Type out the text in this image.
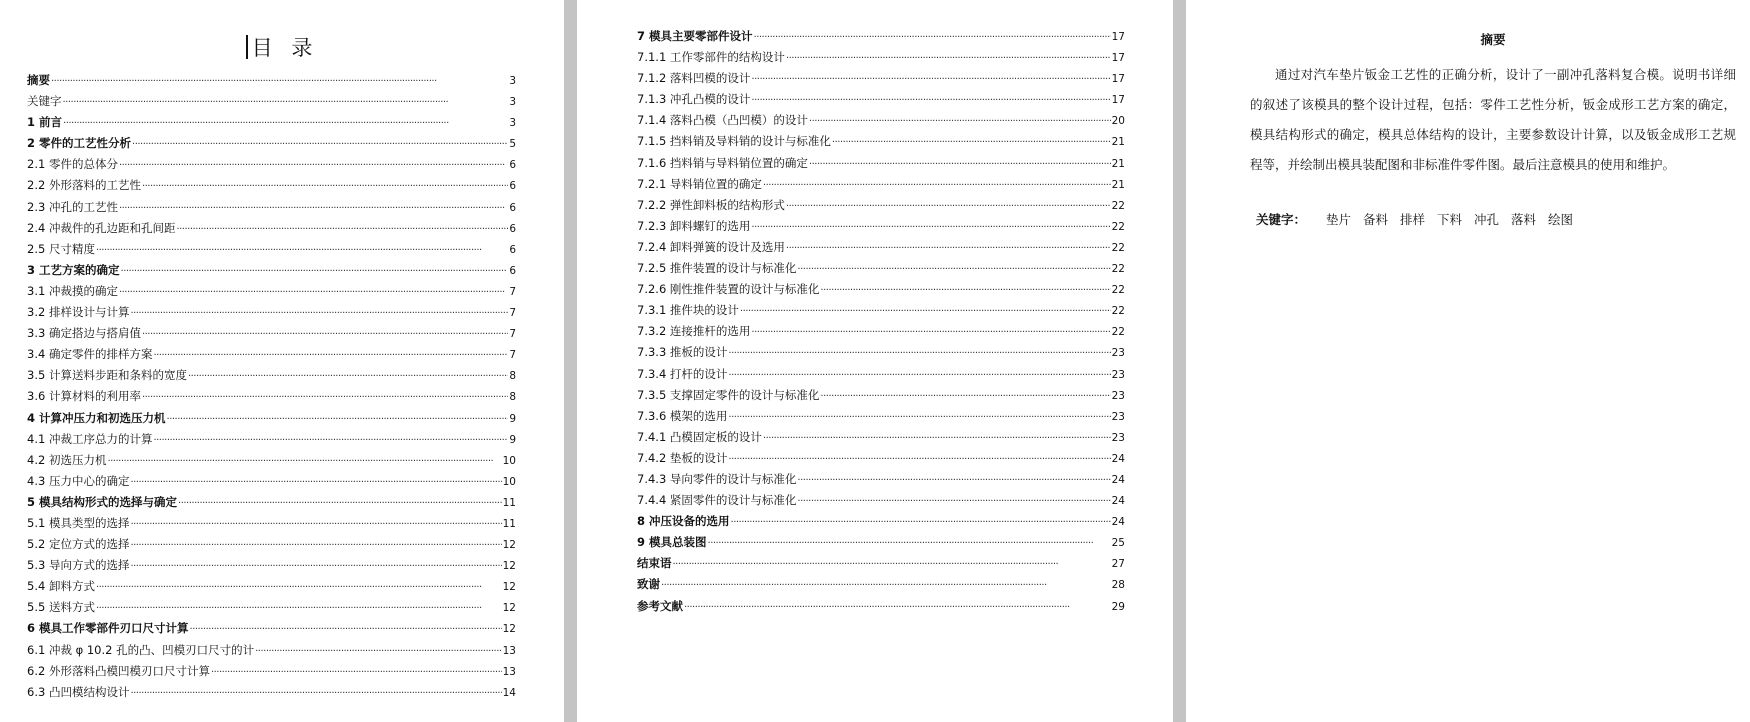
目 录
摘要 ·····	3
关键字 ·····	3
1 前言 ·····	3
2 零件的工艺性分析 ·····	5
2.1 零件的总体分 ·····	6
2.2 外形落料的工艺性 ·····	6
2.3 冲孔的工艺性 ·····	6
2.4 冲裁件的孔边距和孔间距 ·····	6
2.5 尺寸精度 ·····	6
3 工艺方案的确定 ·····	6
3.1 冲裁摸的确定 ·····	7
3.2 排样设计与计算 ·····	7
3.3 确定搭边与搭肩值 ·····	7
3.4 确定零件的排样方案 ·····	7
3.5 计算送料步距和条料的宽度 ·····	8
3.6 计算材料的利用率 ·····	8
4 计算冲压力和初选压力机 ·····	9
4.1 冲裁工序总力的计算 ·····	9
4.2 初选压力机 ·····	10
4.3 压力中心的确定 ·····	10
5 模具结构形式的选择与确定 ·····	11
5.1 模具类型的选择 ·····	11
5.2 定位方式的选择 ·····	12
5.3 导向方式的选择 ·····	12
5.4 卸料方式 ·····	12
5.5 送料方式 ·····	12
6 模具工作零部件刃口尺寸计算 ·····	12
6.1 冲裁 φ 10.2 孔的凸、凹模刃口尺寸的计 ·····	13
6.2 外形落料凸模凹模刃口尺寸计算 ·····	13
6.3 凸凹模结构设计 ·····	14
7 模具主要零部件设计 ·····	17
7.1.1 工作零部件的结构设计 ·····	17
7.1.2 落料凹模的设计 ·····	17
7.1.3 冲孔凸模的设计 ·····	17
7.1.4 落料凸模（凸凹模）的设计 ·····	20
7.1.5 挡料销及导料销的设计与标准化 ·····	21
7.1.6 挡料销与导料销位置的确定 ·····	21
7.2.1 导料销位置的确定 ·····	21
7.2.2 弹性卸料板的结构形式 ·····	22
7.2.3 卸料螺钉的选用 ·····	22
7.2.4 卸料弹簧的设计及选用 ·····	22
7.2.5 推件装置的设计与标准化 ·····	22
7.2.6 刚性推件装置的设计与标准化 ·····	22
7.3.1 推件块的设计 ·····	22
7.3.2 连接推杆的选用 ·····	22
7.3.3 推板的设计 ·····	23
7.3.4 打杆的设计 ·····	23
7.3.5 支撑固定零件的设计与标准化 ·····	23
7.3.6 模架的选用 ·····	23
7.4.1 凸模固定板的设计 ·····	23
7.4.2 垫板的设计 ·····	24
7.4.3 导向零件的设计与标准化 ·····	24
7.4.4 紧固零件的设计与标准化 ·····	24
8 冲压设备的选用 ·····	24
9 模具总装图 ·····	25
结束语 ·····	27
致谢 ·····	28
参考文献 ·····	29
摘要

通过对汽车垫片钣金工艺性的正确分析，设计了一副冲孔落料复合模。说明书详细的叙述了该模具的整个设计过程，包括：零件工艺性分析，钣金成形工艺方案的确定，模具结构形式的确定，模具总体结构的设计，主要参数设计计算，以及钣金成形工艺规程等，并绘制出模具装配图和非标准件零件图。最后注意模具的使用和维护。

关键字： 垫片 备料 排样 下料 冲孔 落料 绘图
